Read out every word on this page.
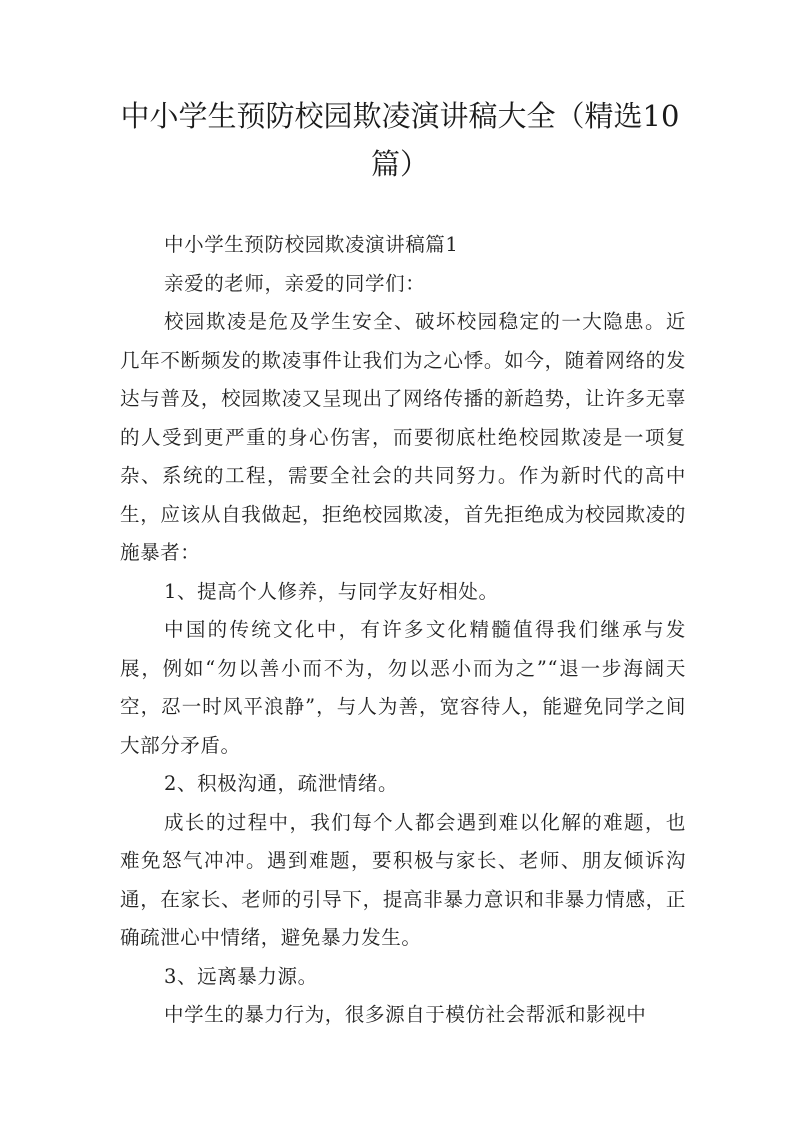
中小学生预防校园欺凌演讲稿大全（精选10篇）

中小学生预防校园欺凌演讲稿篇1

亲爱的老师，亲爱的同学们：

校园欺凌是危及学生安全、破坏校园稳定的一大隐患。近几年不断频发的欺凌事件让我们为之心悸。如今，随着网络的发达与普及，校园欺凌又呈现出了网络传播的新趋势，让许多无辜的人受到更严重的身心伤害，而要彻底杜绝校园欺凌是一项复杂、系统的工程，需要全社会的共同努力。作为新时代的高中生，应该从自我做起，拒绝校园欺凌，首先拒绝成为校园欺凌的施暴者：

1、提高个人修养，与同学友好相处。

中国的传统文化中，有许多文化精髓值得我们继承与发展，例如“勿以善小而不为，勿以恶小而为之”“退一步海阔天空，忍一时风平浪静”，与人为善，宽容待人，能避免同学之间大部分矛盾。

2、积极沟通，疏泄情绪。

成长的过程中，我们每个人都会遇到难以化解的难题，也难免怒气冲冲。遇到难题，要积极与家长、老师、朋友倾诉沟通，在家长、老师的引导下，提高非暴力意识和非暴力情感，正确疏泄心中情绪，避免暴力发生。

3、远离暴力源。

中学生的暴力行为，很多源自于模仿社会帮派和影视中
